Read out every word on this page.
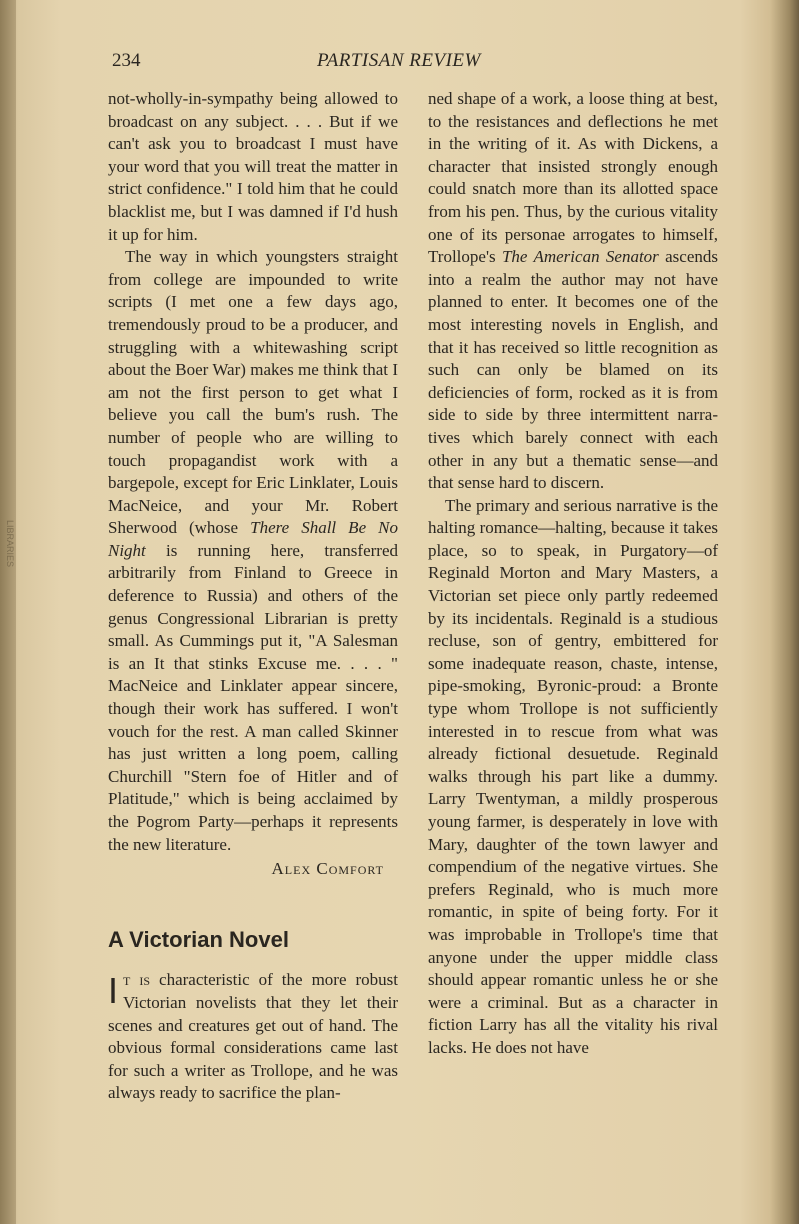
LIBRARIES
234	PARTISAN REVIEW

not-wholly-in-sympathy being allowed to broadcast on any subject. . . . But if we can't ask you to broadcast I must have your word that you will treat the matter in strict confidence." I told him that he could blacklist me, but I was damned if I'd hush it up for him.

The way in which youngsters straight from college are impounded to write scripts (I met one a few days ago, tremendously proud to be a producer, and struggling with a whitewashing script about the Boer War) makes me think that I am not the first person to get what I believe you call the bum's rush. The number of people who are willing to touch propagandist work with a bargepole, except for Eric Linklater, Louis MacNeice, and your Mr. Robert Sherwood (whose There Shall Be No Night is running here, transferred arbitrarily from Finland to Greece in deference to Russia) and others of the genus Congressional Librarian is pretty small. As Cummings put it, "A Salesman is an It that stinks Excuse me. . . . " MacNeice and Linklater appear sincere, though their work has suffered. I won't vouch for the rest. A man called Skinner has just written a long poem, calling Churchill "Stern foe of Hitler and of Platitude," which is being acclaimed by the Pogrom Party—perhaps it represents the new literature.

Alex Comfort
A Victorian Novel

It is characteristic of the more robust Victorian novelists that they let their scenes and creatures get out of hand. The obvious formal considerations came last for such a writer as Trollope, and he was always ready to sacrifice the plan-

ned shape of a work, a loose thing at best, to the resistances and deflections he met in the writing of it. As with Dickens, a character that insisted strongly enough could snatch more than its allotted space from his pen. Thus, by the curious vitality one of its personae arrogates to himself, Trollope's The American Senator ascends into a realm the author may not have planned to enter. It becomes one of the most interesting novels in English, and that it has received so little recognition as such can only be blamed on its deficiencies of form, rocked as it is from side to side by three intermittent narratives which barely connect with each other in any but a thematic sense—and that sense hard to discern.

The primary and serious narrative is the halting romance—halting, because it takes place, so to speak, in Purgatory—of Reginald Morton and Mary Masters, a Victorian set piece only partly redeemed by its incidentals. Reginald is a studious recluse, son of gentry, embittered for some inadequate reason, chaste, intense, pipe-smoking, Byronic-proud: a Bronte type whom Trollope is not sufficiently interested in to rescue from what was already fictional desuetude. Reginald walks through his part like a dummy. Larry Twentyman, a mildly prosperous young farmer, is desperately in love with Mary, daughter of the town lawyer and compendium of the negative virtues. She prefers Reginald, who is much more romantic, in spite of being forty. For it was improbable in Trollope's time that anyone under the upper middle class should appear romantic unless he or she were a criminal. But as a character in fiction Larry has all the vitality his rival lacks. He does not have
